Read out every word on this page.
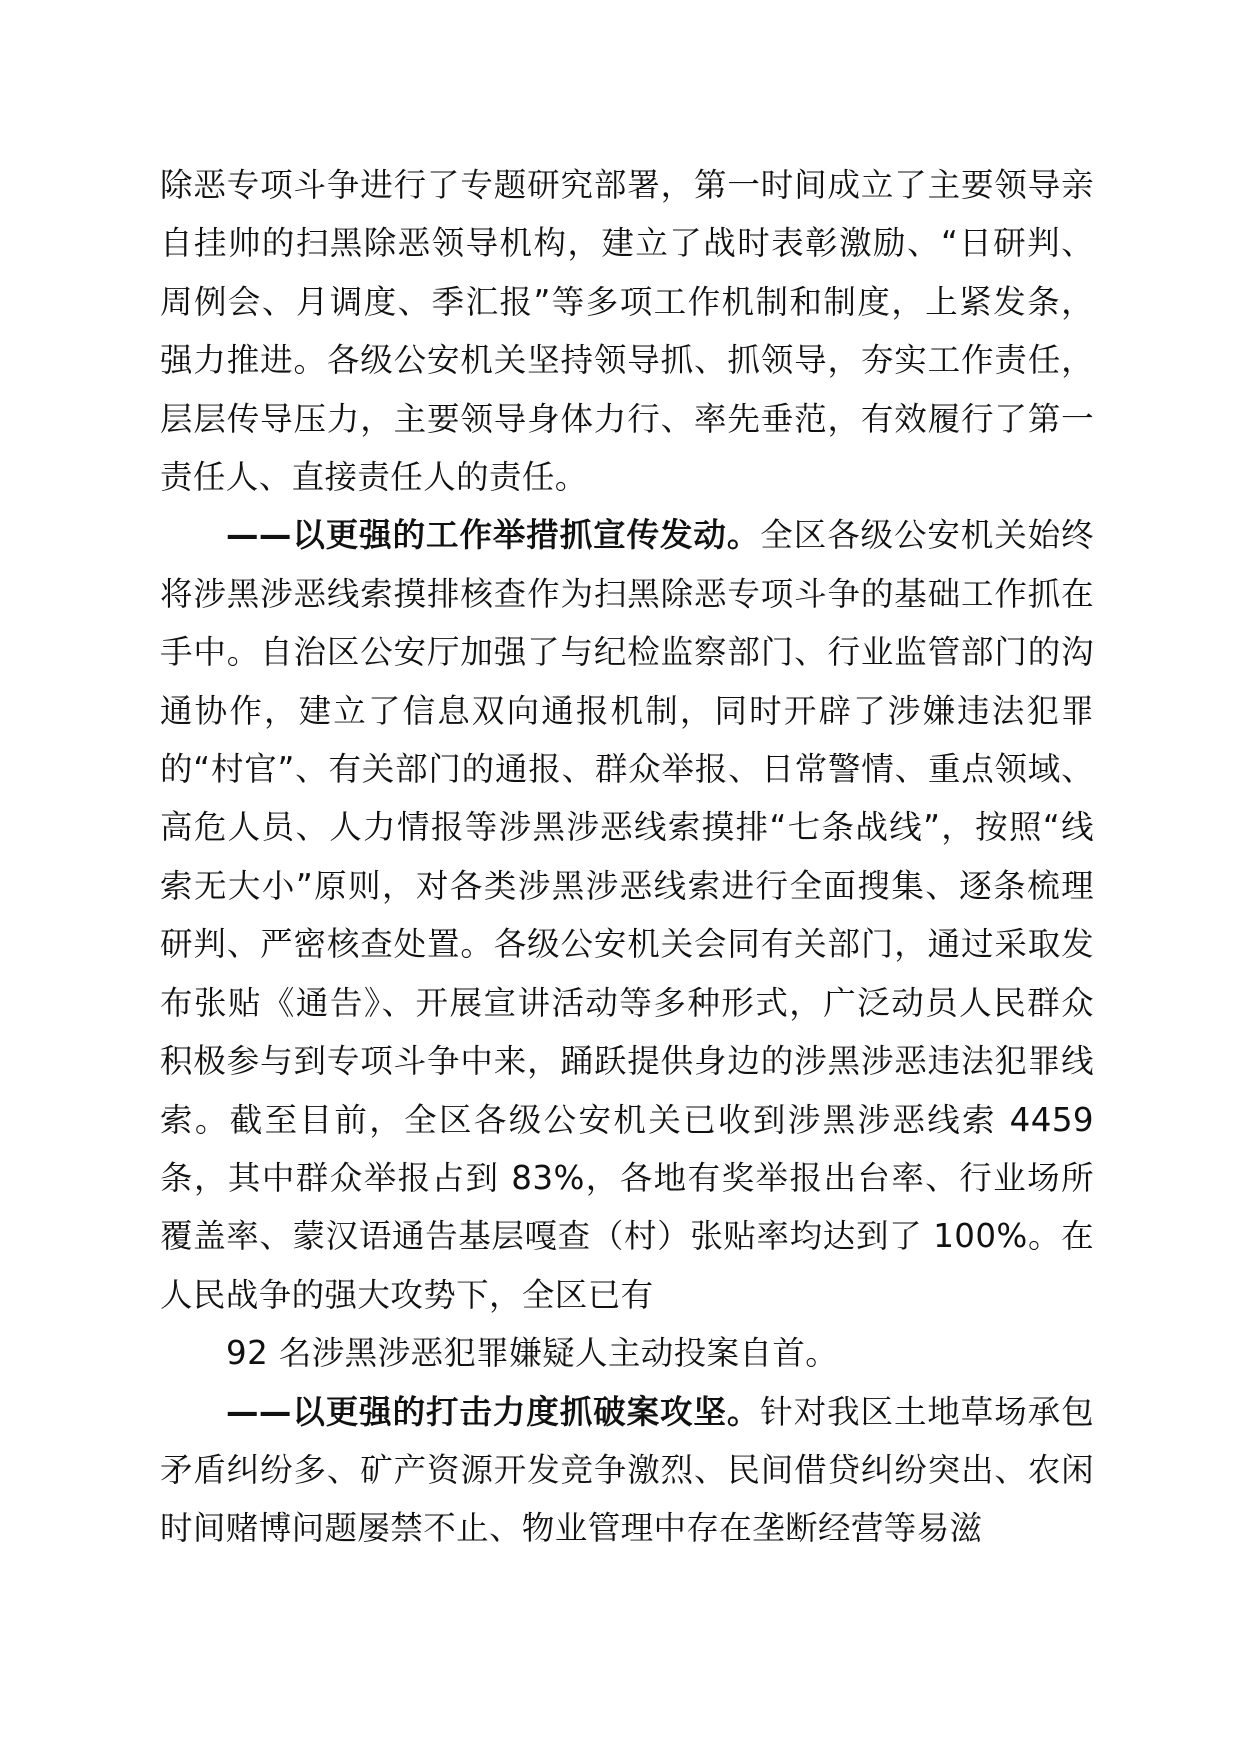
除恶专项斗争进行了专题研究部署，第一时间成立了主要领导亲自挂帅的扫黑除恶领导机构，建立了战时表彰激励、“日研判、周例会、月调度、季汇报”等多项工作机制和制度，上紧发条，强力推进。各级公安机关坚持领导抓、抓领导，夯实工作责任，层层传导压力，主要领导身体力行、率先垂范，有效履行了第一责任人、直接责任人的责任。

——以更强的工作举措抓宣传发动。全区各级公安机关始终将涉黑涉恶线索摸排核查作为扫黑除恶专项斗争的基础工作抓在手中。自治区公安厅加强了与纪检监察部门、行业监管部门的沟通协作，建立了信息双向通报机制，同时开辟了涉嫌违法犯罪的“村官”、有关部门的通报、群众举报、日常警情、重点领域、高危人员、人力情报等涉黑涉恶线索摸排“七条战线”，按照“线索无大小”原则，对各类涉黑涉恶线索进行全面搜集、逐条梳理研判、严密核查处置。各级公安机关会同有关部门，通过采取发布张贴《通告》、开展宣讲活动等多种形式，广泛动员人民群众积极参与到专项斗争中来，踊跃提供身边的涉黑涉恶违法犯罪线索。截至目前，全区各级公安机关已收到涉黑涉恶线索 4459 条，其中群众举报占到 83%，各地有奖举报出台率、行业场所覆盖率、蒙汉语通告基层嘎查（村）张贴率均达到了 100%。在人民战争的强大攻势下，全区已有

92 名涉黑涉恶犯罪嫌疑人主动投案自首。

——以更强的打击力度抓破案攻坚。针对我区土地草场承包矛盾纠纷多、矿产资源开发竞争激烈、民间借贷纠纷突出、农闲时间赌博问题屡禁不止、物业管理中存在垄断经营等易滋
